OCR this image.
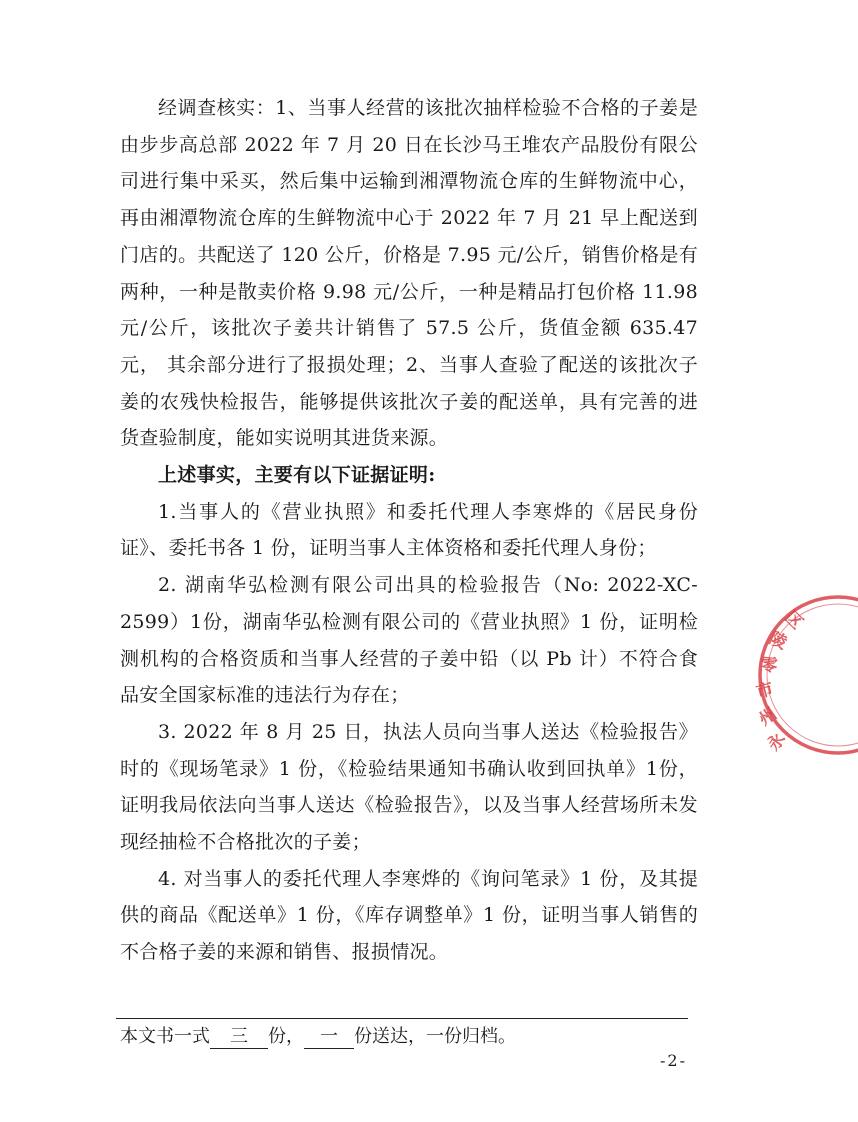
经调查核实：1、当事人经营的该批次抽样检验不合格的子姜是由步步高总部 2022 年 7 月 20 日在长沙马王堆农产品股份有限公司进行集中采买，然后集中运输到湘潭物流仓库的生鲜物流中心，再由湘潭物流仓库的生鲜物流中心于 2022 年 7 月 21 早上配送到门店的。共配送了 120 公斤，价格是 7.95 元/公斤，销售价格是有两种，一种是散卖价格 9.98 元/公斤，一种是精品打包价格 11.98 元/公斤，该批次子姜共计销售了 57.5 公斤，货值金额 635.47 元， 其余部分进行了报损处理；2、当事人查验了配送的该批次子姜的农残快检报告，能够提供该批次子姜的配送单，具有完善的进货查验制度，能如实说明其进货来源。

上述事实，主要有以下证据证明:

1.当事人的《营业执照》和委托代理人李寒烨的《居民身份证》、委托书各 1 份，证明当事人主体资格和委托代理人身份；

2. 湖南华弘检测有限公司出具的检验报告（No: 2022-XC-2599）1份，湖南华弘检测有限公司的《营业执照》1 份，证明检测机构的合格资质和当事人经营的子姜中铅（以 Pb 计）不符合食品安全国家标准的违法行为存在；

3. 2022 年 8 月 25 日，执法人员向当事人送达《检验报告》时的《现场笔录》1 份，《检验结果通知书确认收到回执单》1份，证明我局依法向当事人送达《检验报告》，以及当事人经营场所未发现经抽检不合格批次的子姜；

4. 对当事人的委托代理人李寒烨的《询问笔录》1 份，及其提供的商品《配送单》1 份，《库存调整单》1 份，证明当事人销售的不合格子姜的来源和销售、报损情况。

本文书一式 三 份， 一 份送达，一份归档。
-2-
永
州
市
零
陵
区
